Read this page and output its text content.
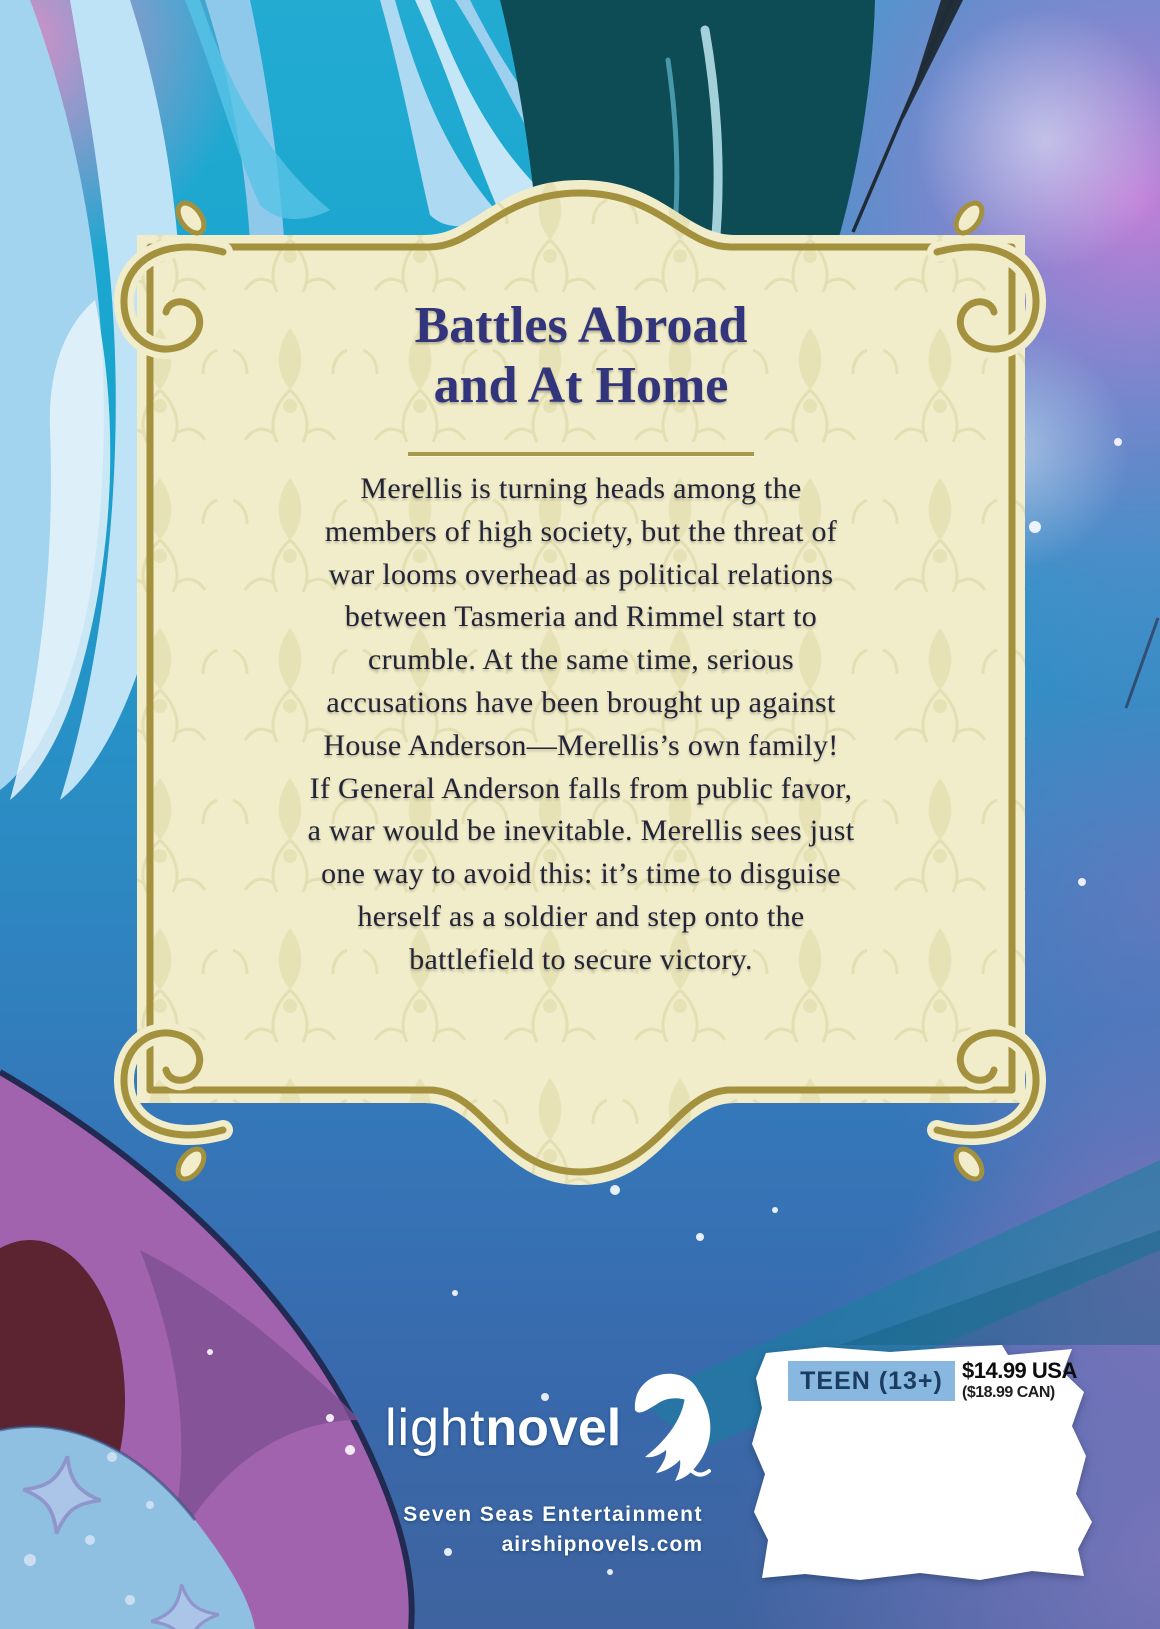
Battles Abroad
and At Home
Merellis is turning heads among the
members of high society, but the threat of
war looms overhead as political relations
between Tasmeria and Rimmel start to
crumble. At the same time, serious
accusations have been brought up against
House Anderson—Merellis’s own family!
If General Anderson falls from public favor,
a war would be inevitable. Merellis sees just
one way to avoid this: it’s time to disguise
herself as a soldier and step onto the
battlefield to secure victory.
lightnovel
Seven Seas Entertainment
airshipnovels.com
TEEN (13+) $14.99 USA
($18.99 CAN)
